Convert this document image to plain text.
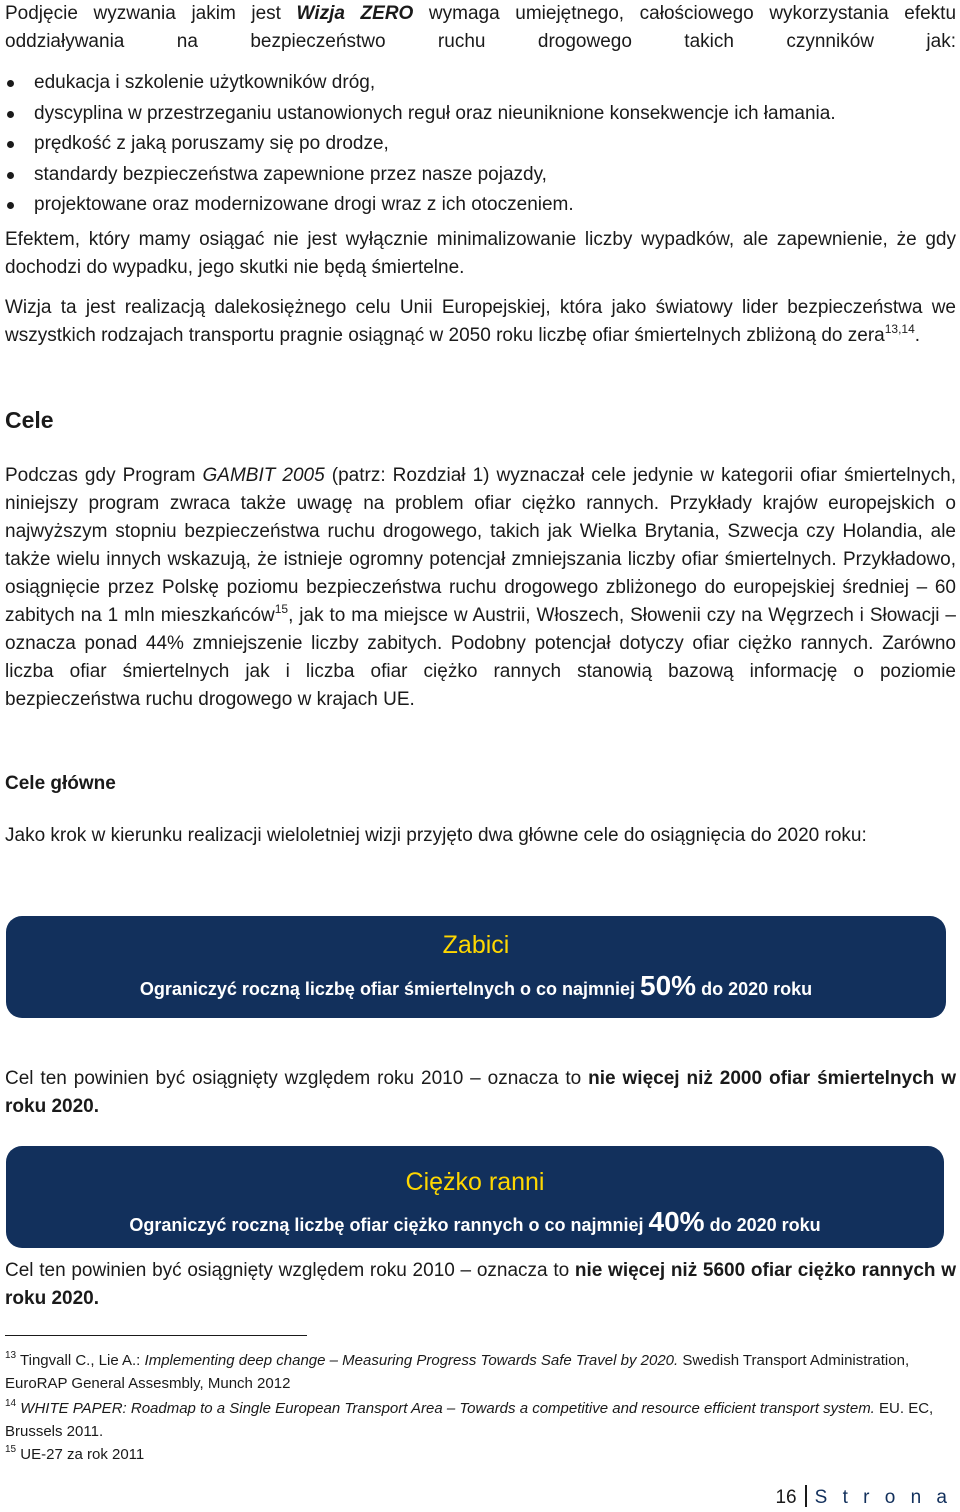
Podjęcie wyzwania jakim jest Wizja ZERO wymaga umiejętnego, całościowego wykorzystania efektu oddziaływania na bezpieczeństwo ruchu drogowego takich czynników jak:

edukacja i szkolenie użytkowników dróg,
dyscyplina w przestrzeganiu ustanowionych reguł oraz nieuniknione konsekwencje ich łamania.
prędkość z jaką poruszamy się po drodze,
standardy bezpieczeństwa zapewnione przez nasze pojazdy,
projektowane oraz modernizowane drogi wraz z ich otoczeniem.

Efektem, który mamy osiągać nie jest wyłącznie minimalizowanie liczby wypadków, ale zapewnienie, że gdy dochodzi do wypadku, jego skutki nie będą śmiertelne.

Wizja ta jest realizacją dalekosiężnego celu Unii Europejskiej, która jako światowy lider bezpieczeństwa we wszystkich rodzajach transportu pragnie osiągnąć w 2050 roku liczbę ofiar śmiertelnych zbliżoną do zera$^{13,14}$.

Cele

Podczas gdy Program GAMBIT 2005 (patrz: Rozdział 1) wyznaczał cele jedynie w kategorii ofiar śmiertelnych, niniejszy program zwraca także uwagę na problem ofiar ciężko rannych. Przykłady krajów europejskich o najwyższym stopniu bezpieczeństwa ruchu drogowego, takich jak Wielka Brytania, Szwecja czy Holandia, ale także wielu innych wskazują, że istnieje ogromny potencjał zmniejszania liczby ofiar śmiertelnych. Przykładowo, osiągnięcie przez Polskę poziomu bezpieczeństwa ruchu drogowego zbliżonego do europejskiej średniej – 60 zabitych na 1 mln mieszkańców$^{15}$, jak to ma miejsce w Austrii, Włoszech, Słowenii czy na Węgrzech i Słowacji – oznacza ponad 44% zmniejszenie liczby zabitych. Podobny potencjał dotyczy ofiar ciężko rannych. Zarówno liczba ofiar śmiertelnych jak i liczba ofiar ciężko rannych stanowią bazową informację o poziomie bezpieczeństwa ruchu drogowego w krajach UE.

Cele główne

Jako krok w kierunku realizacji wieloletniej wizji przyjęto dwa główne cele do osiągnięcia do 2020 roku:

Zabici
Ograniczyć roczną liczbę ofiar śmiertelnych o co najmniej 50% do 2020 roku

Cel ten powinien być osiągnięty względem roku 2010 – oznacza to nie więcej niż 2000 ofiar śmiertelnych w roku 2020.

Ciężko ranni
Ograniczyć roczną liczbę ofiar ciężko rannych o co najmniej 40% do 2020 roku

Cel ten powinien być osiągnięty względem roku 2010 – oznacza to nie więcej niż 5600 ofiar ciężko rannych w roku 2020.

$^{13}$ Tingvall C., Lie A.: Implementing deep change – Measuring Progress Towards Safe Travel by 2020. Swedish Transport Administration, EuroRAP General Assesmbly, Munch 2012

$^{14}$ WHITE PAPER: Roadmap to a Single European Transport Area – Towards a competitive and resource efficient transport system. EU. EC, Brussels 2011.

$^{15}$ UE-27 za rok 2011

16 S t r o n a
